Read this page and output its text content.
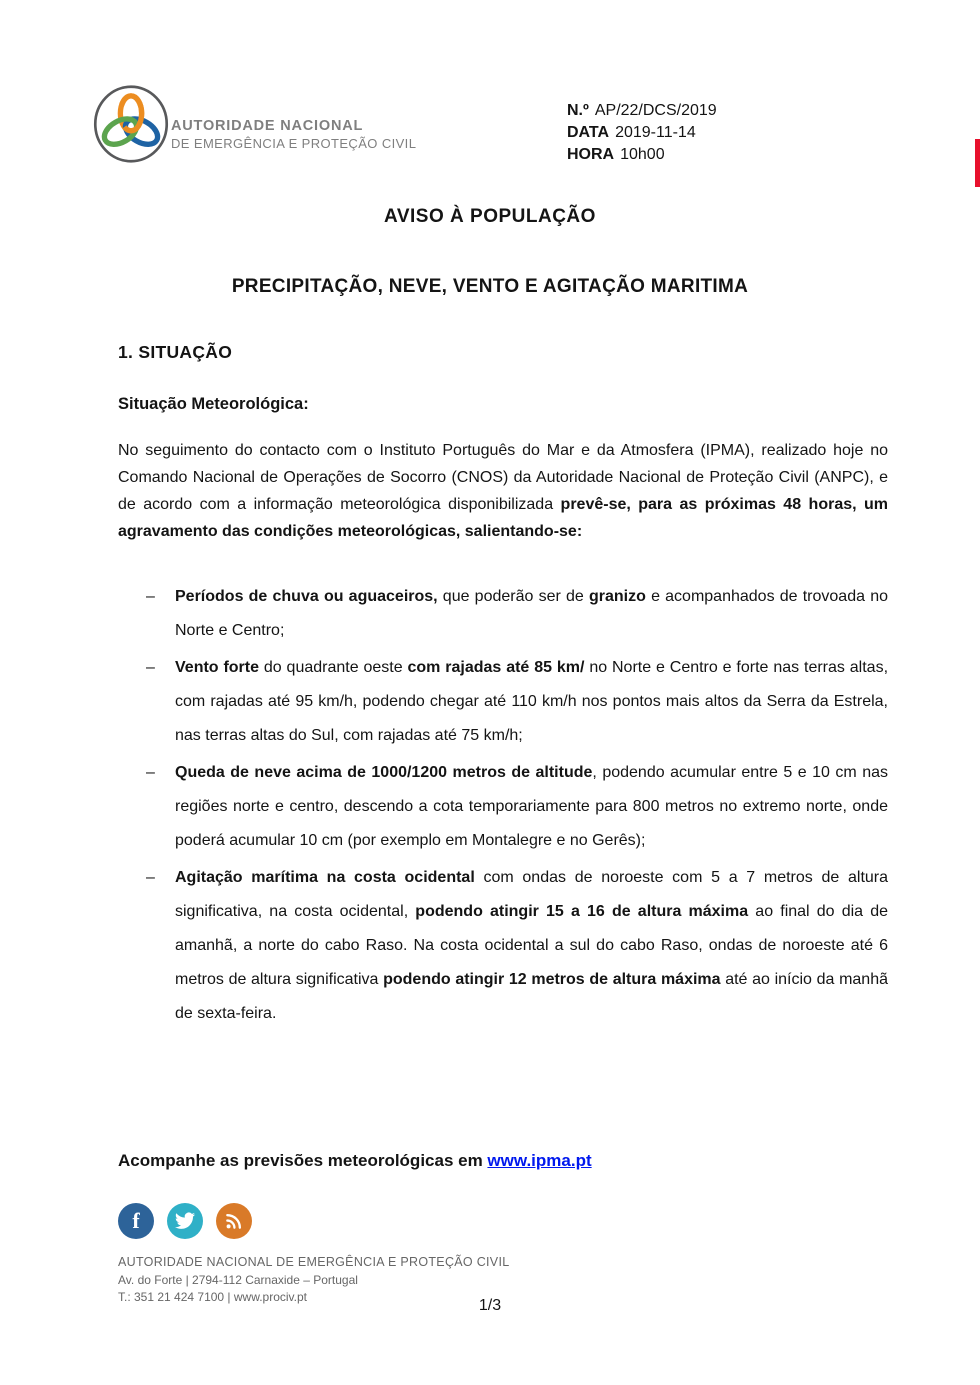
AUTORIDADE NACIONAL
DE EMERGÊNCIA E PROTEÇÃO CIVIL
N.º AP/22/DCS/2019
DATA 2019-11-14
HORA 10h00
AVISO À POPULAÇÃO
PRECIPITAÇÃO, NEVE, VENTO E AGITAÇÃO MARITIMA
1. SITUAÇÃO
Situação Meteorológica:

No seguimento do contacto com o Instituto Português do Mar e da Atmosfera (IPMA), realizado hoje no Comando Nacional de Operações de Socorro (CNOS) da Autoridade Nacional de Proteção Civil (ANPC), e de acordo com a informação meteorológica disponibilizada prevê-se, para as próximas 48 horas, um agravamento das condições meteorológicas, salientando-se:

– Períodos de chuva ou aguaceiros, que poderão ser de granizo e acompanhados de trovoada no Norte e Centro;
– Vento forte do quadrante oeste com rajadas até 85 km/ no Norte e Centro e forte nas terras altas, com rajadas até 95 km/h, podendo chegar até 110 km/h nos pontos mais altos da Serra da Estrela, nas terras altas do Sul, com rajadas até 75 km/h;
– Queda de neve acima de 1000/1200 metros de altitude, podendo acumular entre 5 e 10 cm nas regiões norte e centro, descendo a cota temporariamente para 800 metros no extremo norte, onde poderá acumular 10 cm (por exemplo em Montalegre e no Gerês);
– Agitação marítima na costa ocidental com ondas de noroeste com 5 a 7 metros de altura significativa, na costa ocidental, podendo atingir 15 a 16 de altura máxima ao final do dia de amanhã, a norte do cabo Raso. Na costa ocidental a sul do cabo Raso, ondas de noroeste até 6 metros de altura significativa podendo atingir 12 metros de altura máxima até ao início da manhã de sexta-feira.
Acompanhe as previsões meteorológicas em www.ipma.pt
f
AUTORIDADE NACIONAL DE EMERGÊNCIA E PROTEÇÃO CIVIL
Av. do Forte | 2794-112 Carnaxide – Portugal
T.: 351 21 424 7100 | www.prociv.pt	1/3
